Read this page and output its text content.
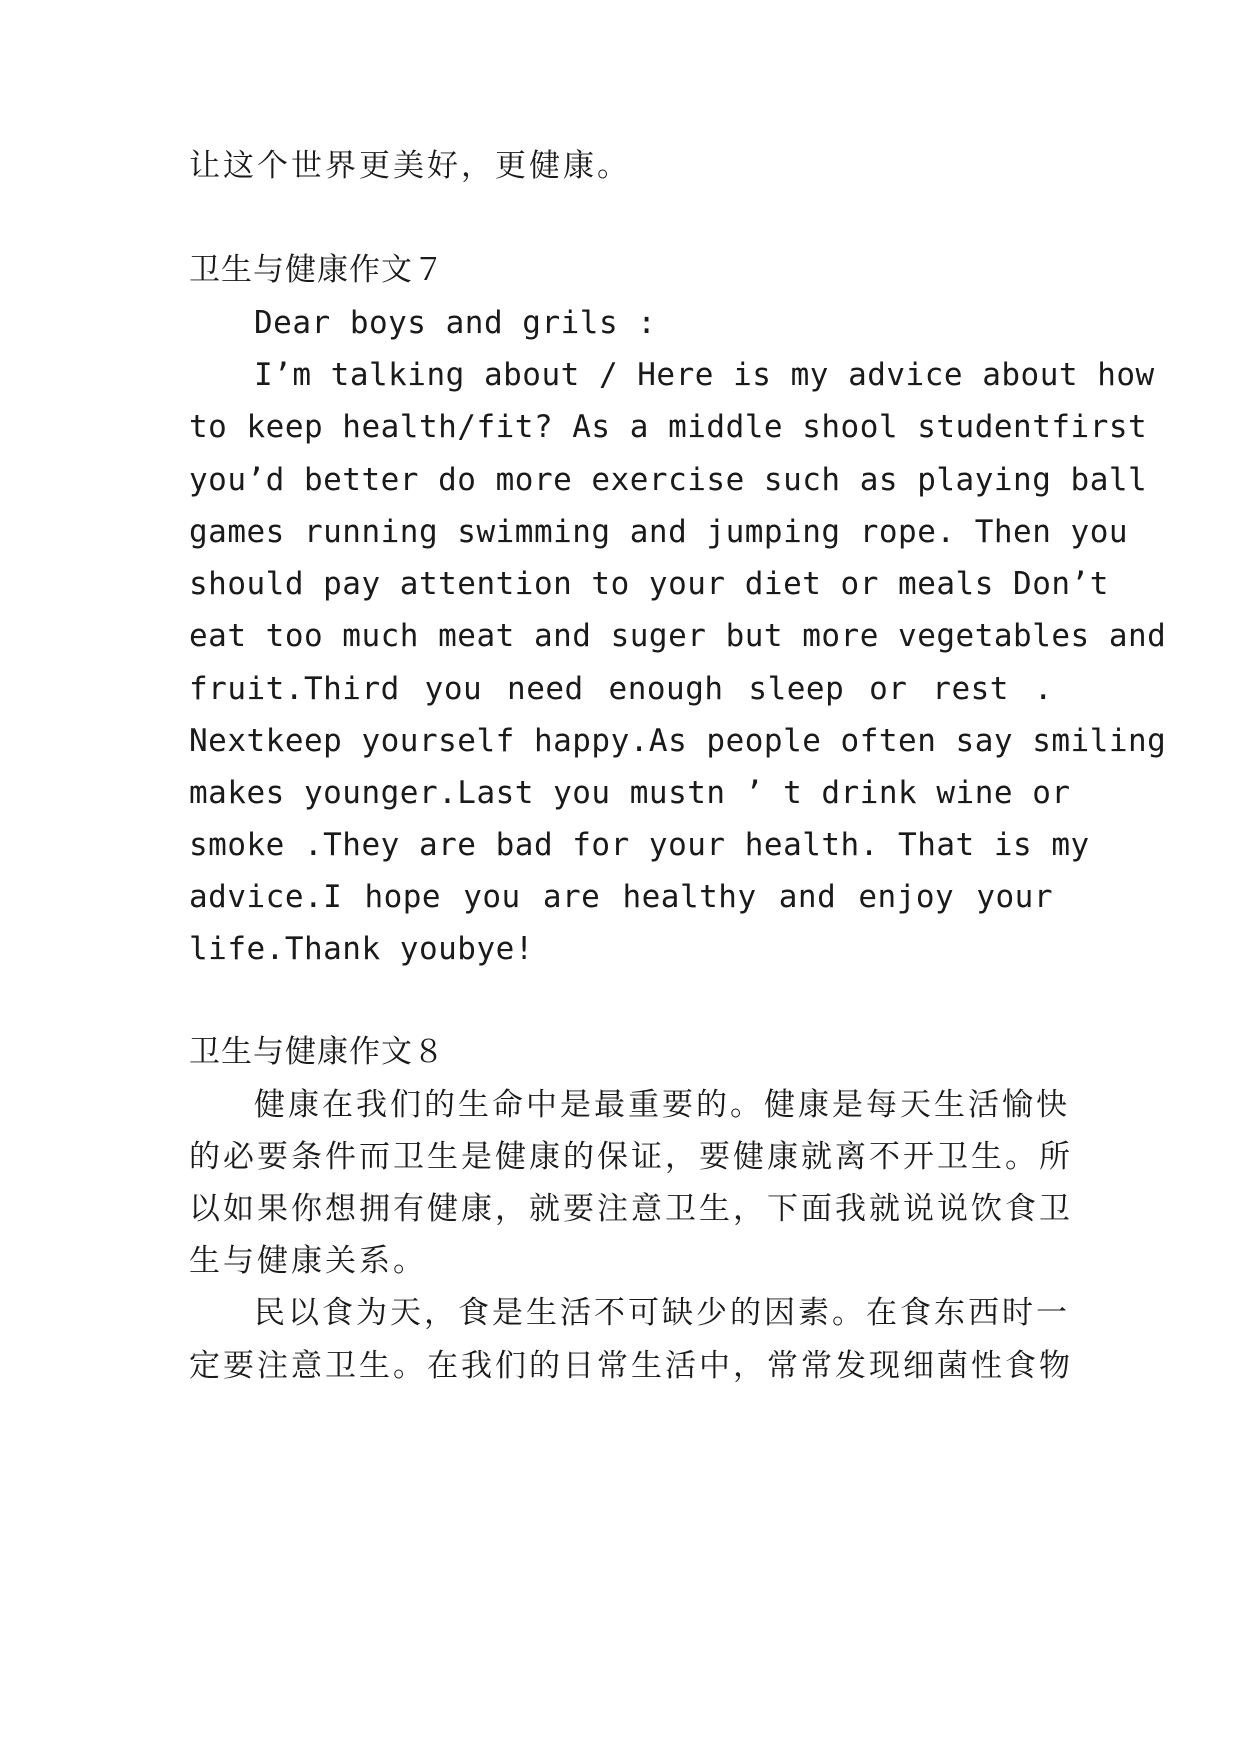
让这个世界更美好，更健康。
卫生与健康作文７
Dear boys and grils :
I’m talking about / Here is my advice about how
to keep health/fit? As a middle shool studentfirst
you’d better do more exercise such as playing ball
games running swimming and jumping rope. Then you
should pay attention to your diet or meals Don’t
eat too much meat and suger but more vegetables and
fruit.Third you need enough sleep or rest .
Nextkeep yourself happy.As people often say smiling
makes younger.Last you mustn ’ t drink wine or
smoke .They are bad for your health. That is my
advice.I hope you are healthy and enjoy your
life.Thank youbye!
卫生与健康作文８
健康在我们的生命中是最重要的。健康是每天生活愉快
的必要条件而卫生是健康的保证，要健康就离不开卫生。所
以如果你想拥有健康，就要注意卫生，下面我就说说饮食卫
生与健康关系。
民以食为天，食是生活不可缺少的因素。在食东西时一
定要注意卫生。在我们的日常生活中，常常发现细菌性食物
